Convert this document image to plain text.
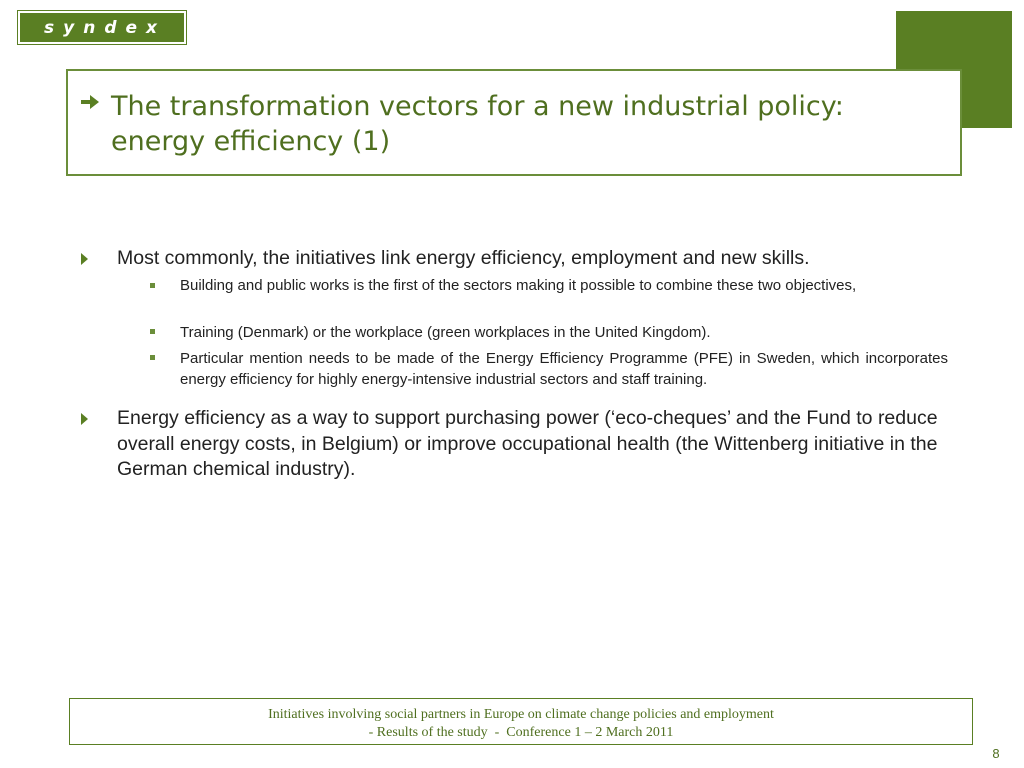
syndex
The transformation vectors for a new industrial policy:
energy efficiency (1)
Most commonly, the initiatives link energy efficiency, employment and new skills.
Building and public works is the first of the sectors making it possible to combine these two objectives,
Training (Denmark) or the workplace (green workplaces in the United Kingdom).
Particular mention needs to be made of the Energy Efficiency Programme (PFE) in Sweden, which incorporates energy efficiency for highly energy-intensive industrial sectors and staff training.
Energy efficiency as a way to support purchasing power (‘eco-cheques’ and the Fund to reduce overall energy costs, in Belgium) or improve occupational health (the Wittenberg initiative in the German chemical industry).
Initiatives involving social partners in Europe on climate change policies and employment
- Results of the study  -  Conference 1 – 2 March 2011
8
